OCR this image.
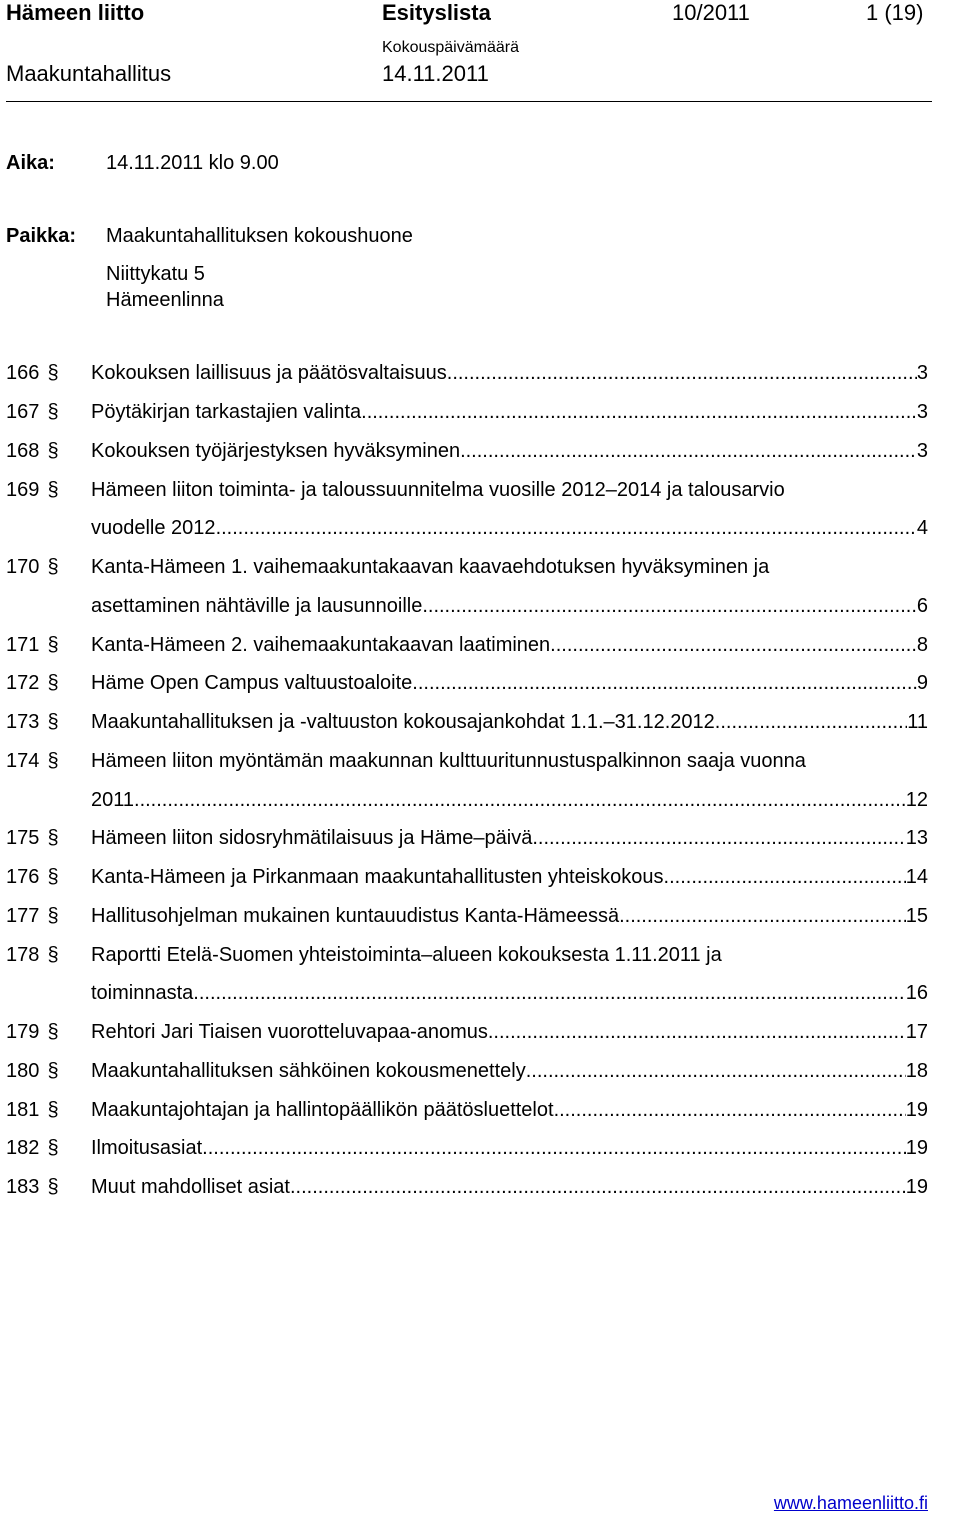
Hämeen liitto	Esityslista	10/2011	1 (19)
Kokouspäivämäärä
Maakuntahallitus	14.11.2011
Aika:	14.11.2011 klo 9.00
Paikka: Maakuntahallituksen kokoushuone
Niittykatu 5
Hämeenlinna
166 § Kokouksen laillisuus ja päätösvaltaisuus .....	3
167 § Pöytäkirjan tarkastajien valinta .....	3
168 § Kokouksen työjärjestyksen hyväksyminen .....	3
169 § Hämeen liiton toiminta- ja taloussuunnitelma vuosille 2012–2014 ja talousarvio
vuodelle 2012 .....	4
170 § Kanta-Hämeen 1. vaihemaakuntakaavan kaavaehdotuksen hyväksyminen ja
asettaminen nähtäville ja lausunnoille .....	6
171 § Kanta-Hämeen 2. vaihemaakuntakaavan laatiminen .....	8
172 § Häme Open Campus valtuustoaloite .....	9
173 § Maakuntahallituksen ja -valtuuston kokousajankohdat 1.1.–31.12.2012 .....	11
174 § Hämeen liiton myöntämän maakunnan kulttuuritunnustuspalkinnon saaja vuonna
2011 .....	12
175 § Hämeen liiton sidosryhmätilaisuus ja Häme–päivä .....	13
176 § Kanta-Hämeen ja Pirkanmaan maakuntahallitusten yhteiskokous .....	14
177 § Hallitusohjelman mukainen kuntauudistus Kanta-Hämeessä .....	15
178 § Raportti Etelä-Suomen yhteistoiminta–alueen kokouksesta 1.11.2011 ja
toiminnasta .....	16
179 § Rehtori Jari Tiaisen vuorotteluvapaa-anomus .....	17
180 § Maakuntahallituksen sähköinen kokousmenettely .....	18
181 § Maakuntajohtajan ja hallintopäällikön päätösluettelot .....	19
182 § Ilmoitusasiat .....	19
183 § Muut mahdolliset asiat .....	19
www.hameenliitto.fi
